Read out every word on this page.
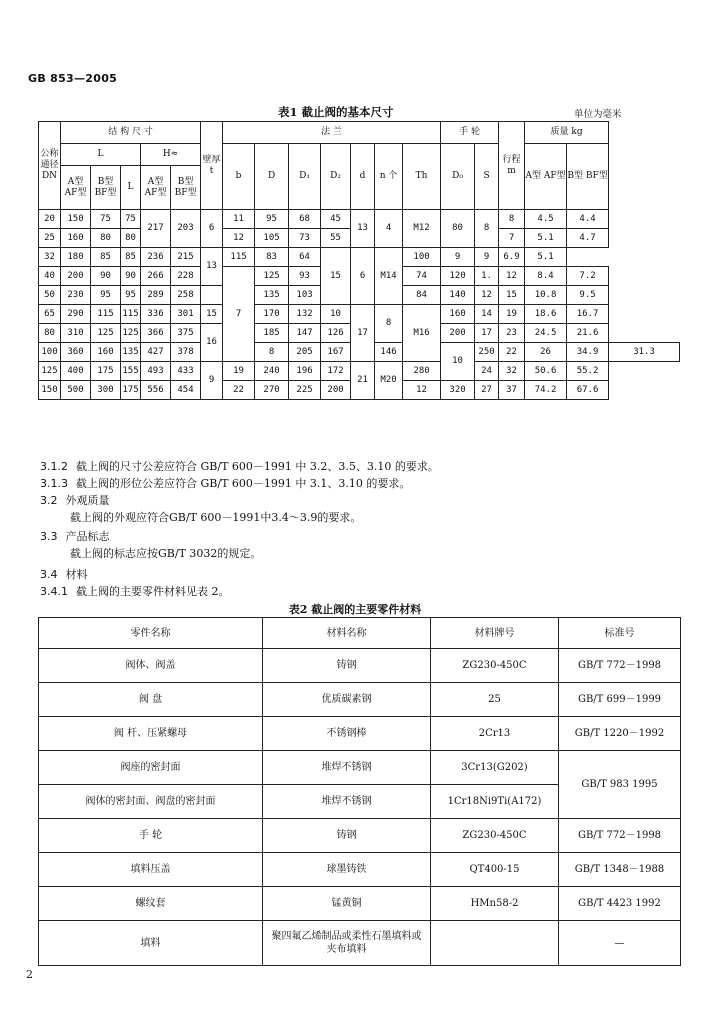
GB 853—2005
表1 截止阀的基本尺寸	单位为毫米
公称通径DN	结 构 尺 寸					壁厚t	法 兰							手 轮		行程 m	质量 kg		
	L			H≈			b	D	D₁	D₂	d	n 个	Th	D₀	S		A型 AF型	B型 BF型	
	A型 AF型	B型 BF型	L	A型 AF型	B型 BF型														
20	150	75	75	217	203	6	11	95	68	45	13	4	M12	80	8	8	4.5	4.4	
25	160	80	80				12	105	73	55						7	5.1	4.7	
32	180	85	85	236	215	13	115	83	64	15	6	M14	100	9	9	6.9	5.1		
40	200	90	90	266	228		7	125	93				74	120	1.	12	8.4	7.2	
50	230	95	95	289	258			135	103				84	140	12	15	10.8	9.5	
65	290	115	115	336	301	15		170	132	10	17	8	M16	160	14	19	18.6	16.7	
80	310	125	125	366	375	16		185	147	126				200	17	23	24.5	21.6	
100	360	160	135	427	378			8	205	167		146		10	250	22	26	34.9	31.3
125	400	175	155	493	433	9	19	240	196	172	21	M20	280		24	32	50.6	55.2	
150	500	300	175	556	454		22	270	225	200			12	320	27	37	74.2	67.6	
3.1.2 截上阀的尺寸公差应符合 GB/T 600－1991 中 3.2、3.5、3.10 的要求。
3.1.3 截上阀的形位公差应符合 GB/T 600－1991 中 3.1、3.10 的要求。
3.2 外观质量
截上阀的外观应符合GB/T 600－1991中3.4～3.9的要求。
3.3 产品标志
截上阀的标志应按GB/T 3032的规定。
3.4 材料
3.4.1 截上阀的主要零件材料见表 2。
表2 截止阀的主要零件材料
零件名称	材料名称	材料牌号	标准号
阀体、阀盖	铸钢	ZG230-450C	GB/T 772－1998
阀 盘	优质碳素钢	25	GB/T 699－1999
阀 杆、压紧螺母	不锈钢棒	2Cr13	GB/T 1220－1992
阀座的密封面	堆焊不锈钢	3Cr13(G202)	GB/T 983 1995
阀体的密封面、阀盘的密封面	堆焊不锈钢	1Cr18Ni9Ti(A172)	
手 轮	铸钢	ZG230-450C	GB/T 772－1998
填料压盖	球墨铸铁	QT400-15	GB/T 1348－1988
螺纹套	锰黄铜	HMn58-2	GB/T 4423 1992
填料	聚四氟乙烯制品或柔性石墨填料或夹布填料		—
2
